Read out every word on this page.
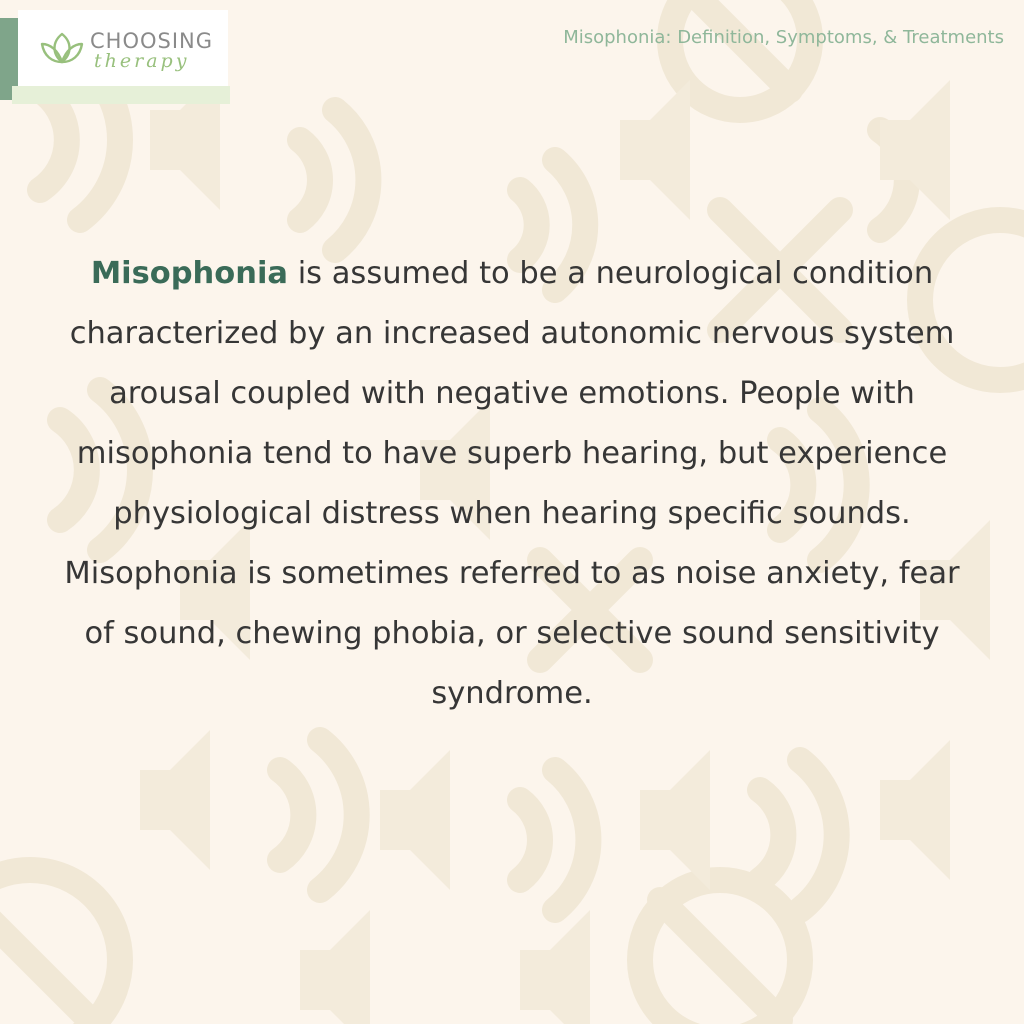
CHOOSING
therapy
Misophonia: Definition, Symptoms, & Treatments
Misophonia is assumed to be a neurological condition characterized by an increased autonomic nervous system arousal coupled with negative emotions. People with misophonia tend to have superb hearing, but experience physiological distress when hearing specific sounds. Misophonia is sometimes referred to as noise anxiety, fear of sound, chewing phobia, or selective sound sensitivity syndrome.
